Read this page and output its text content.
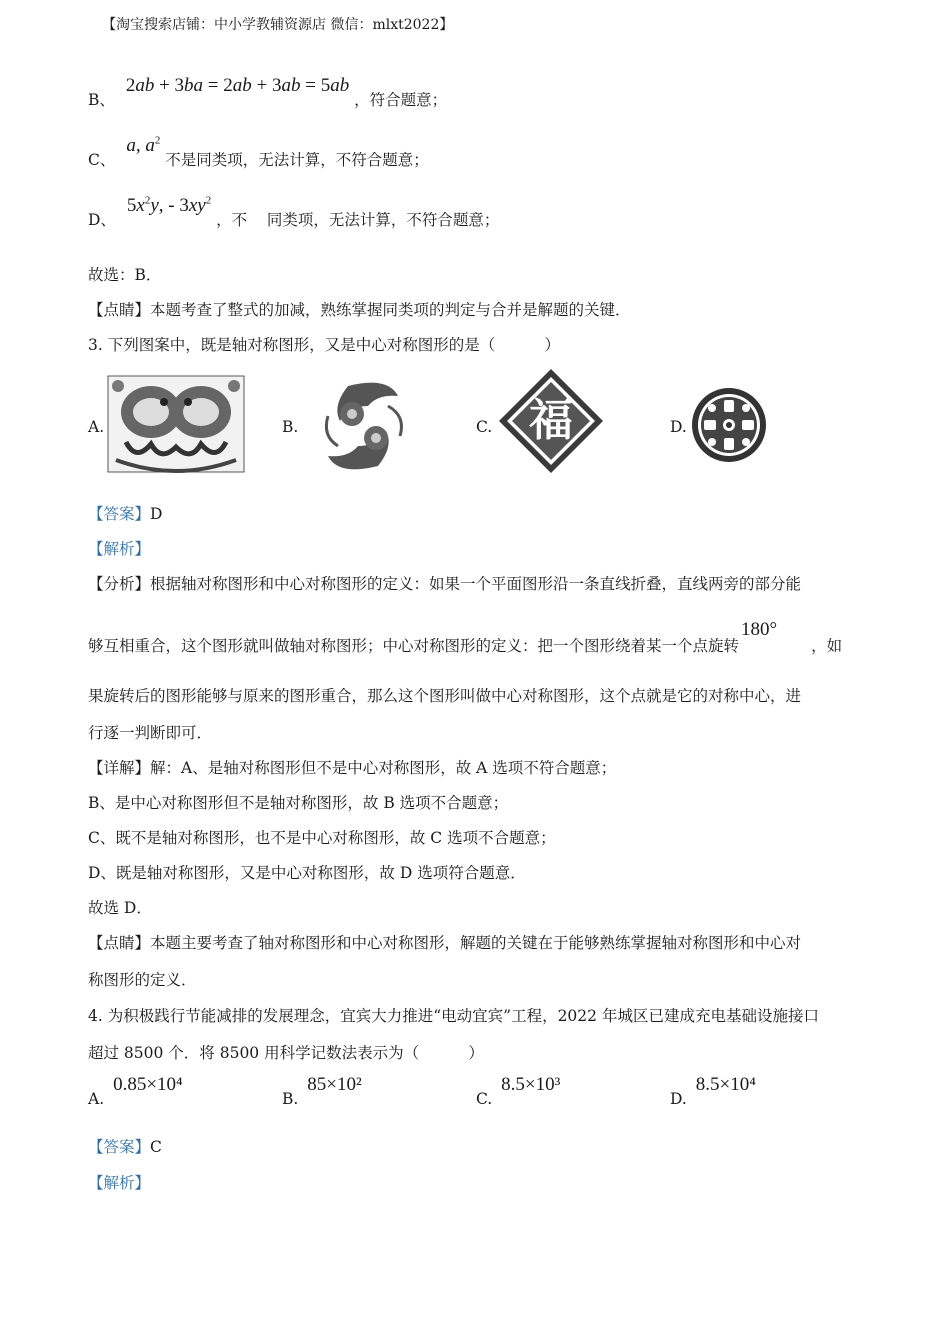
【淘宝搜索店铺：中小学教辅资源店 微信：mlxt2022】
B、 2ab + 3ba = 2ab + 3ab = 5ab ，符合题意；
C、 a, $a^2$ 不是同类项，无法计算，不符合题意；
D、 $5x^2y$, - $3xy^2$ ，不    同类项，无法计算，不符合题意；
故选：B．
【点睛】本题考查了整式的加减，熟练掌握同类项的判定与合并是解题的关键．
3. 下列图案中，既是轴对称图形，又是中心对称图形的是（          ）
A.	B.	C. 福	D.
【答案】D
【解析】
【分析】根据轴对称图形和中心对称图形的定义：如果一个平面图形沿一条直线折叠，直线两旁的部分能
够互相重合，这个图形就叫做轴对称图形；中心对称图形的定义：把一个图形绕着某一个点旋转180°，如
果旋转后的图形能够与原来的图形重合，那么这个图形叫做中心对称图形，这个点就是它的对称中心，进
行逐一判断即可．
【详解】解：A、是轴对称图形但不是中心对称图形，故 A 选项不符合题意；
B、是中心对称图形但不是轴对称图形，故 B 选项不合题意；
C、既不是轴对称图形，也不是中心对称图形，故 C 选项不合题意；
D、既是轴对称图形，又是中心对称图形，故 D 选项符合题意．
故选 D．
【点睛】本题主要考查了轴对称图形和中心对称图形，解题的关键在于能够熟练掌握轴对称图形和中心对
称图形的定义．
4. 为积极践行节能减排的发展理念，宜宾大力推进“电动宜宾”工程，2022 年城区已建成充电基础设施接口
超过 8500 个．将 8500 用科学记数法表示为（          ）
A. 0.85×10⁴
B. 85×10²
C. 8.5×10³
D. 8.5×10⁴
【答案】C
【解析】
